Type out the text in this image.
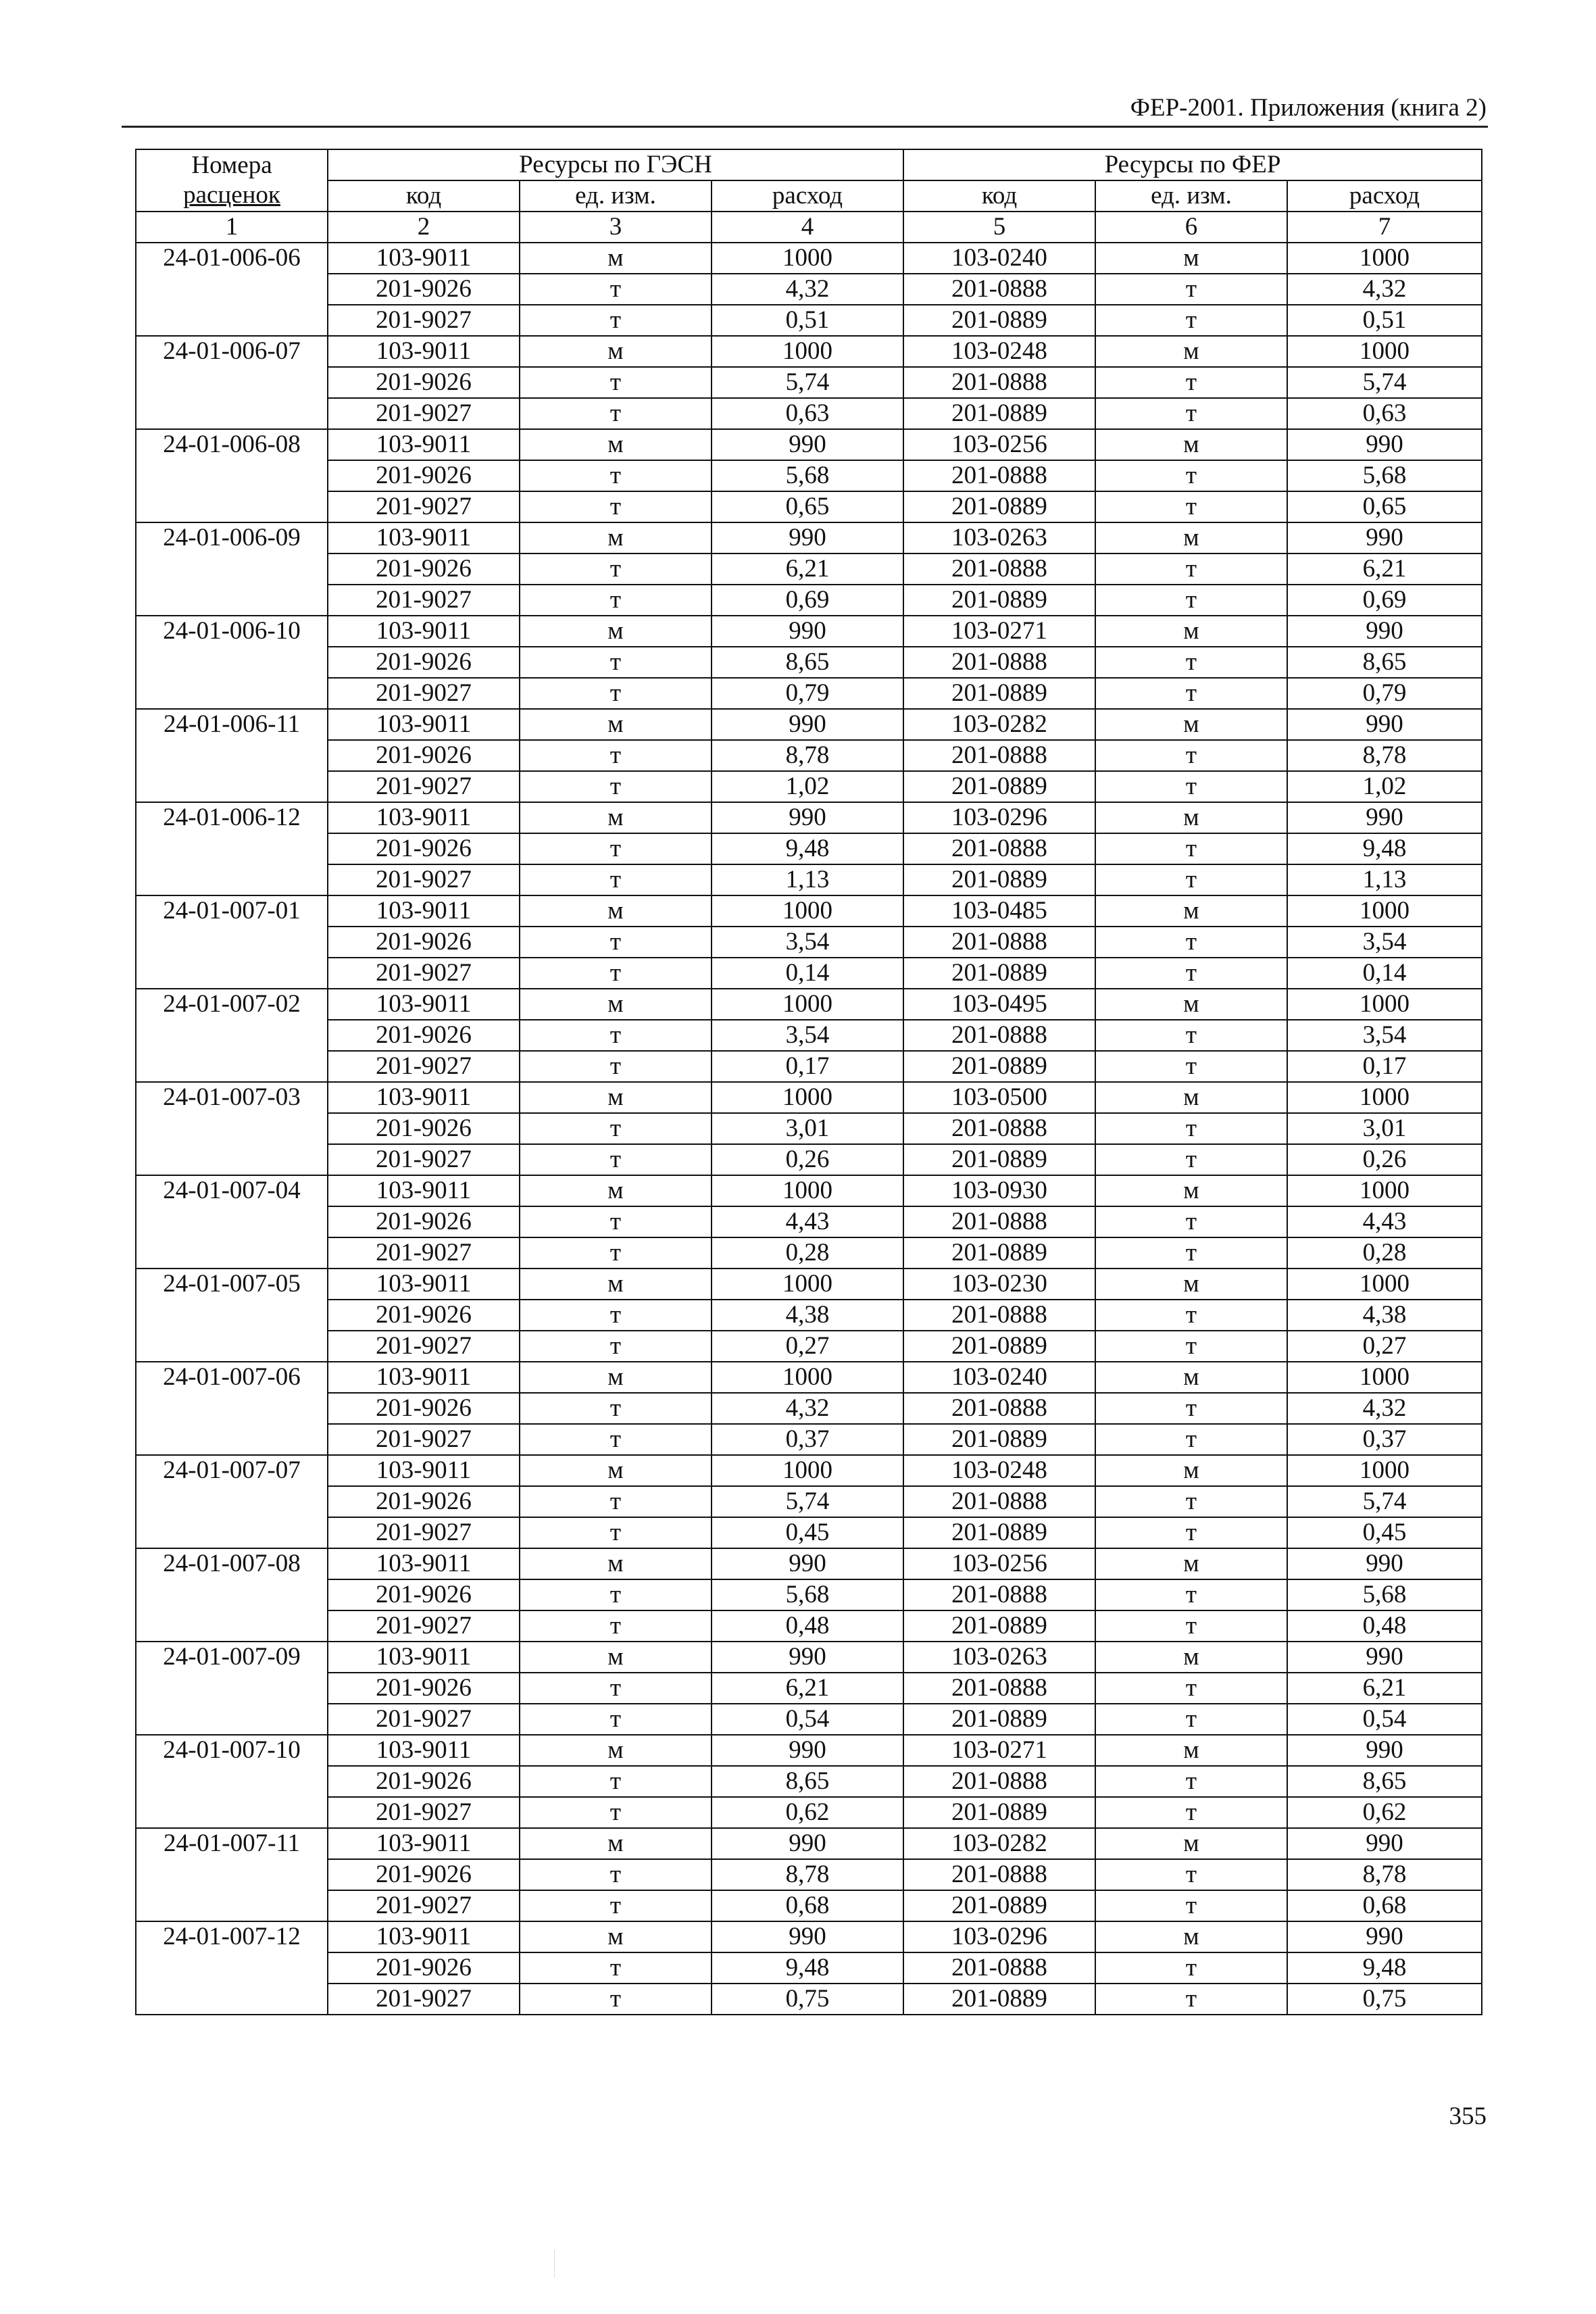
ФЕР-2001. Приложения (книга 2)
Номера
расценок	Ресурсы по ГЭСН			Ресурсы по ФЕР		
	код	ед. изм.	расход	код	ед. изм.	расход
1	2	3	4	5	6	7
24-01-006-06	103-9011	м	1000	103-0240	м	1000
	201-9026	т	4,32	201-0888	т	4,32
	201-9027	т	0,51	201-0889	т	0,51
24-01-006-07	103-9011	м	1000	103-0248	м	1000
	201-9026	т	5,74	201-0888	т	5,74
	201-9027	т	0,63	201-0889	т	0,63
24-01-006-08	103-9011	м	990	103-0256	м	990
	201-9026	т	5,68	201-0888	т	5,68
	201-9027	т	0,65	201-0889	т	0,65
24-01-006-09	103-9011	м	990	103-0263	м	990
	201-9026	т	6,21	201-0888	т	6,21
	201-9027	т	0,69	201-0889	т	0,69
24-01-006-10	103-9011	м	990	103-0271	м	990
	201-9026	т	8,65	201-0888	т	8,65
	201-9027	т	0,79	201-0889	т	0,79
24-01-006-11	103-9011	м	990	103-0282	м	990
	201-9026	т	8,78	201-0888	т	8,78
	201-9027	т	1,02	201-0889	т	1,02
24-01-006-12	103-9011	м	990	103-0296	м	990
	201-9026	т	9,48	201-0888	т	9,48
	201-9027	т	1,13	201-0889	т	1,13
24-01-007-01	103-9011	м	1000	103-0485	м	1000
	201-9026	т	3,54	201-0888	т	3,54
	201-9027	т	0,14	201-0889	т	0,14
24-01-007-02	103-9011	м	1000	103-0495	м	1000
	201-9026	т	3,54	201-0888	т	3,54
	201-9027	т	0,17	201-0889	т	0,17
24-01-007-03	103-9011	м	1000	103-0500	м	1000
	201-9026	т	3,01	201-0888	т	3,01
	201-9027	т	0,26	201-0889	т	0,26
24-01-007-04	103-9011	м	1000	103-0930	м	1000
	201-9026	т	4,43	201-0888	т	4,43
	201-9027	т	0,28	201-0889	т	0,28
24-01-007-05	103-9011	м	1000	103-0230	м	1000
	201-9026	т	4,38	201-0888	т	4,38
	201-9027	т	0,27	201-0889	т	0,27
24-01-007-06	103-9011	м	1000	103-0240	м	1000
	201-9026	т	4,32	201-0888	т	4,32
	201-9027	т	0,37	201-0889	т	0,37
24-01-007-07	103-9011	м	1000	103-0248	м	1000
	201-9026	т	5,74	201-0888	т	5,74
	201-9027	т	0,45	201-0889	т	0,45
24-01-007-08	103-9011	м	990	103-0256	м	990
	201-9026	т	5,68	201-0888	т	5,68
	201-9027	т	0,48	201-0889	т	0,48
24-01-007-09	103-9011	м	990	103-0263	м	990
	201-9026	т	6,21	201-0888	т	6,21
	201-9027	т	0,54	201-0889	т	0,54
24-01-007-10	103-9011	м	990	103-0271	м	990
	201-9026	т	8,65	201-0888	т	8,65
	201-9027	т	0,62	201-0889	т	0,62
24-01-007-11	103-9011	м	990	103-0282	м	990
	201-9026	т	8,78	201-0888	т	8,78
	201-9027	т	0,68	201-0889	т	0,68
24-01-007-12	103-9011	м	990	103-0296	м	990
	201-9026	т	9,48	201-0888	т	9,48
	201-9027	т	0,75	201-0889	т	0,75
355
